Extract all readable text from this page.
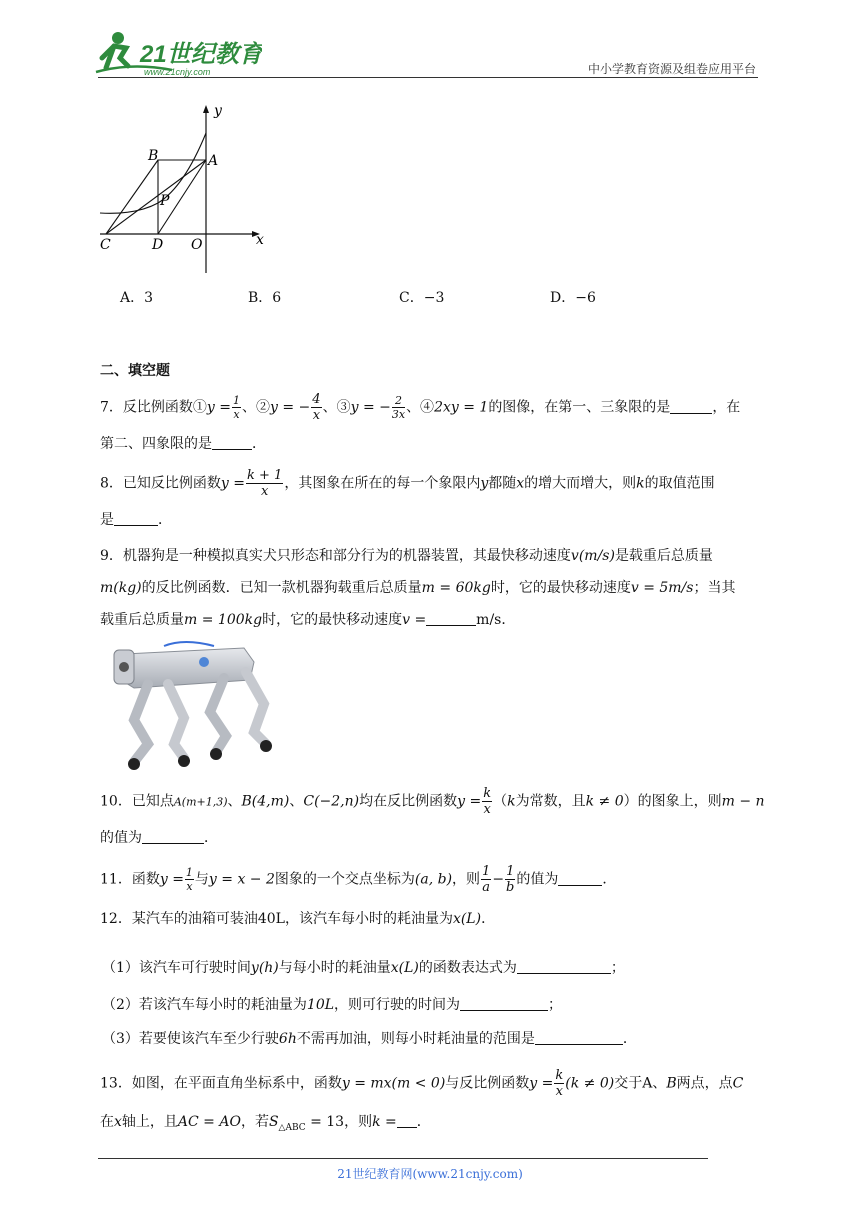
21世纪教育
www.21cnjy.com	中小学教育资源及组卷应用平台
y
x
B	A
P
C	D O
A．3	B．6	C．−3	D．−6
二、填空题
7．反比例函数①y = $\frac{1}{x}$ 、②y = − $\frac{4}{x}$ 、③y = − $\frac{2}{3x}$ 、④2xy = 1的图像，在第一、三象限的是	，在
第二、四象限的是	．
8．已知反比例函数$y = \frac{k + 1}{x}$ ，其图象在所在的每一个象限内y都随x的增大而增大，则k的取值范围
是	．
9．机器狗是一种模拟真实犬只形态和部分行为的机器装置，其最快移动速度v(m/s)是载重后总质量
m(kg)的反比例函数．已知一款机器狗载重后总质量m = 60kg时，它的最快移动速度v = 5m/s；当其
载重后总质量m = 100kg时，它的最快移动速度v =	m/s．
10．已知点A(m+1,3)、B(4,m)、C(−2,n)均在反比例函数$y = \frac{k}{x} (k$为常数，且k ≠ 0）的图象上，则m − n
的值为	．
11．函数$y = \frac{1}{x}$ 与y = x − 2图象的一个交点坐标为(a, b)，则 $\frac{1}{a} - \frac{1}{b}$ 的值为	．
12．某汽车的油箱可装油40L，该汽车每小时的耗油量为x(L)．
（1）该汽车可行驶时间y(h)与每小时的耗油量x(L)的函数表达式为	；
（2）若该汽车每小时的耗油量为10L，则可行驶的时间为	；
（3）若要使该汽车至少行驶6h不需再加油，则每小时耗油量的范围是	．
13．如图，在平面直角坐标系中，函数y = mx(m < 0)与反比例函数$y = \frac{k}{x} (k \ne 0)$交于A、B两点，点C
在x轴上，且AC = AO，若$S_{\triangle ABC} = 13$，则k = ．
21世纪教育网(www.21cnjy.com)
